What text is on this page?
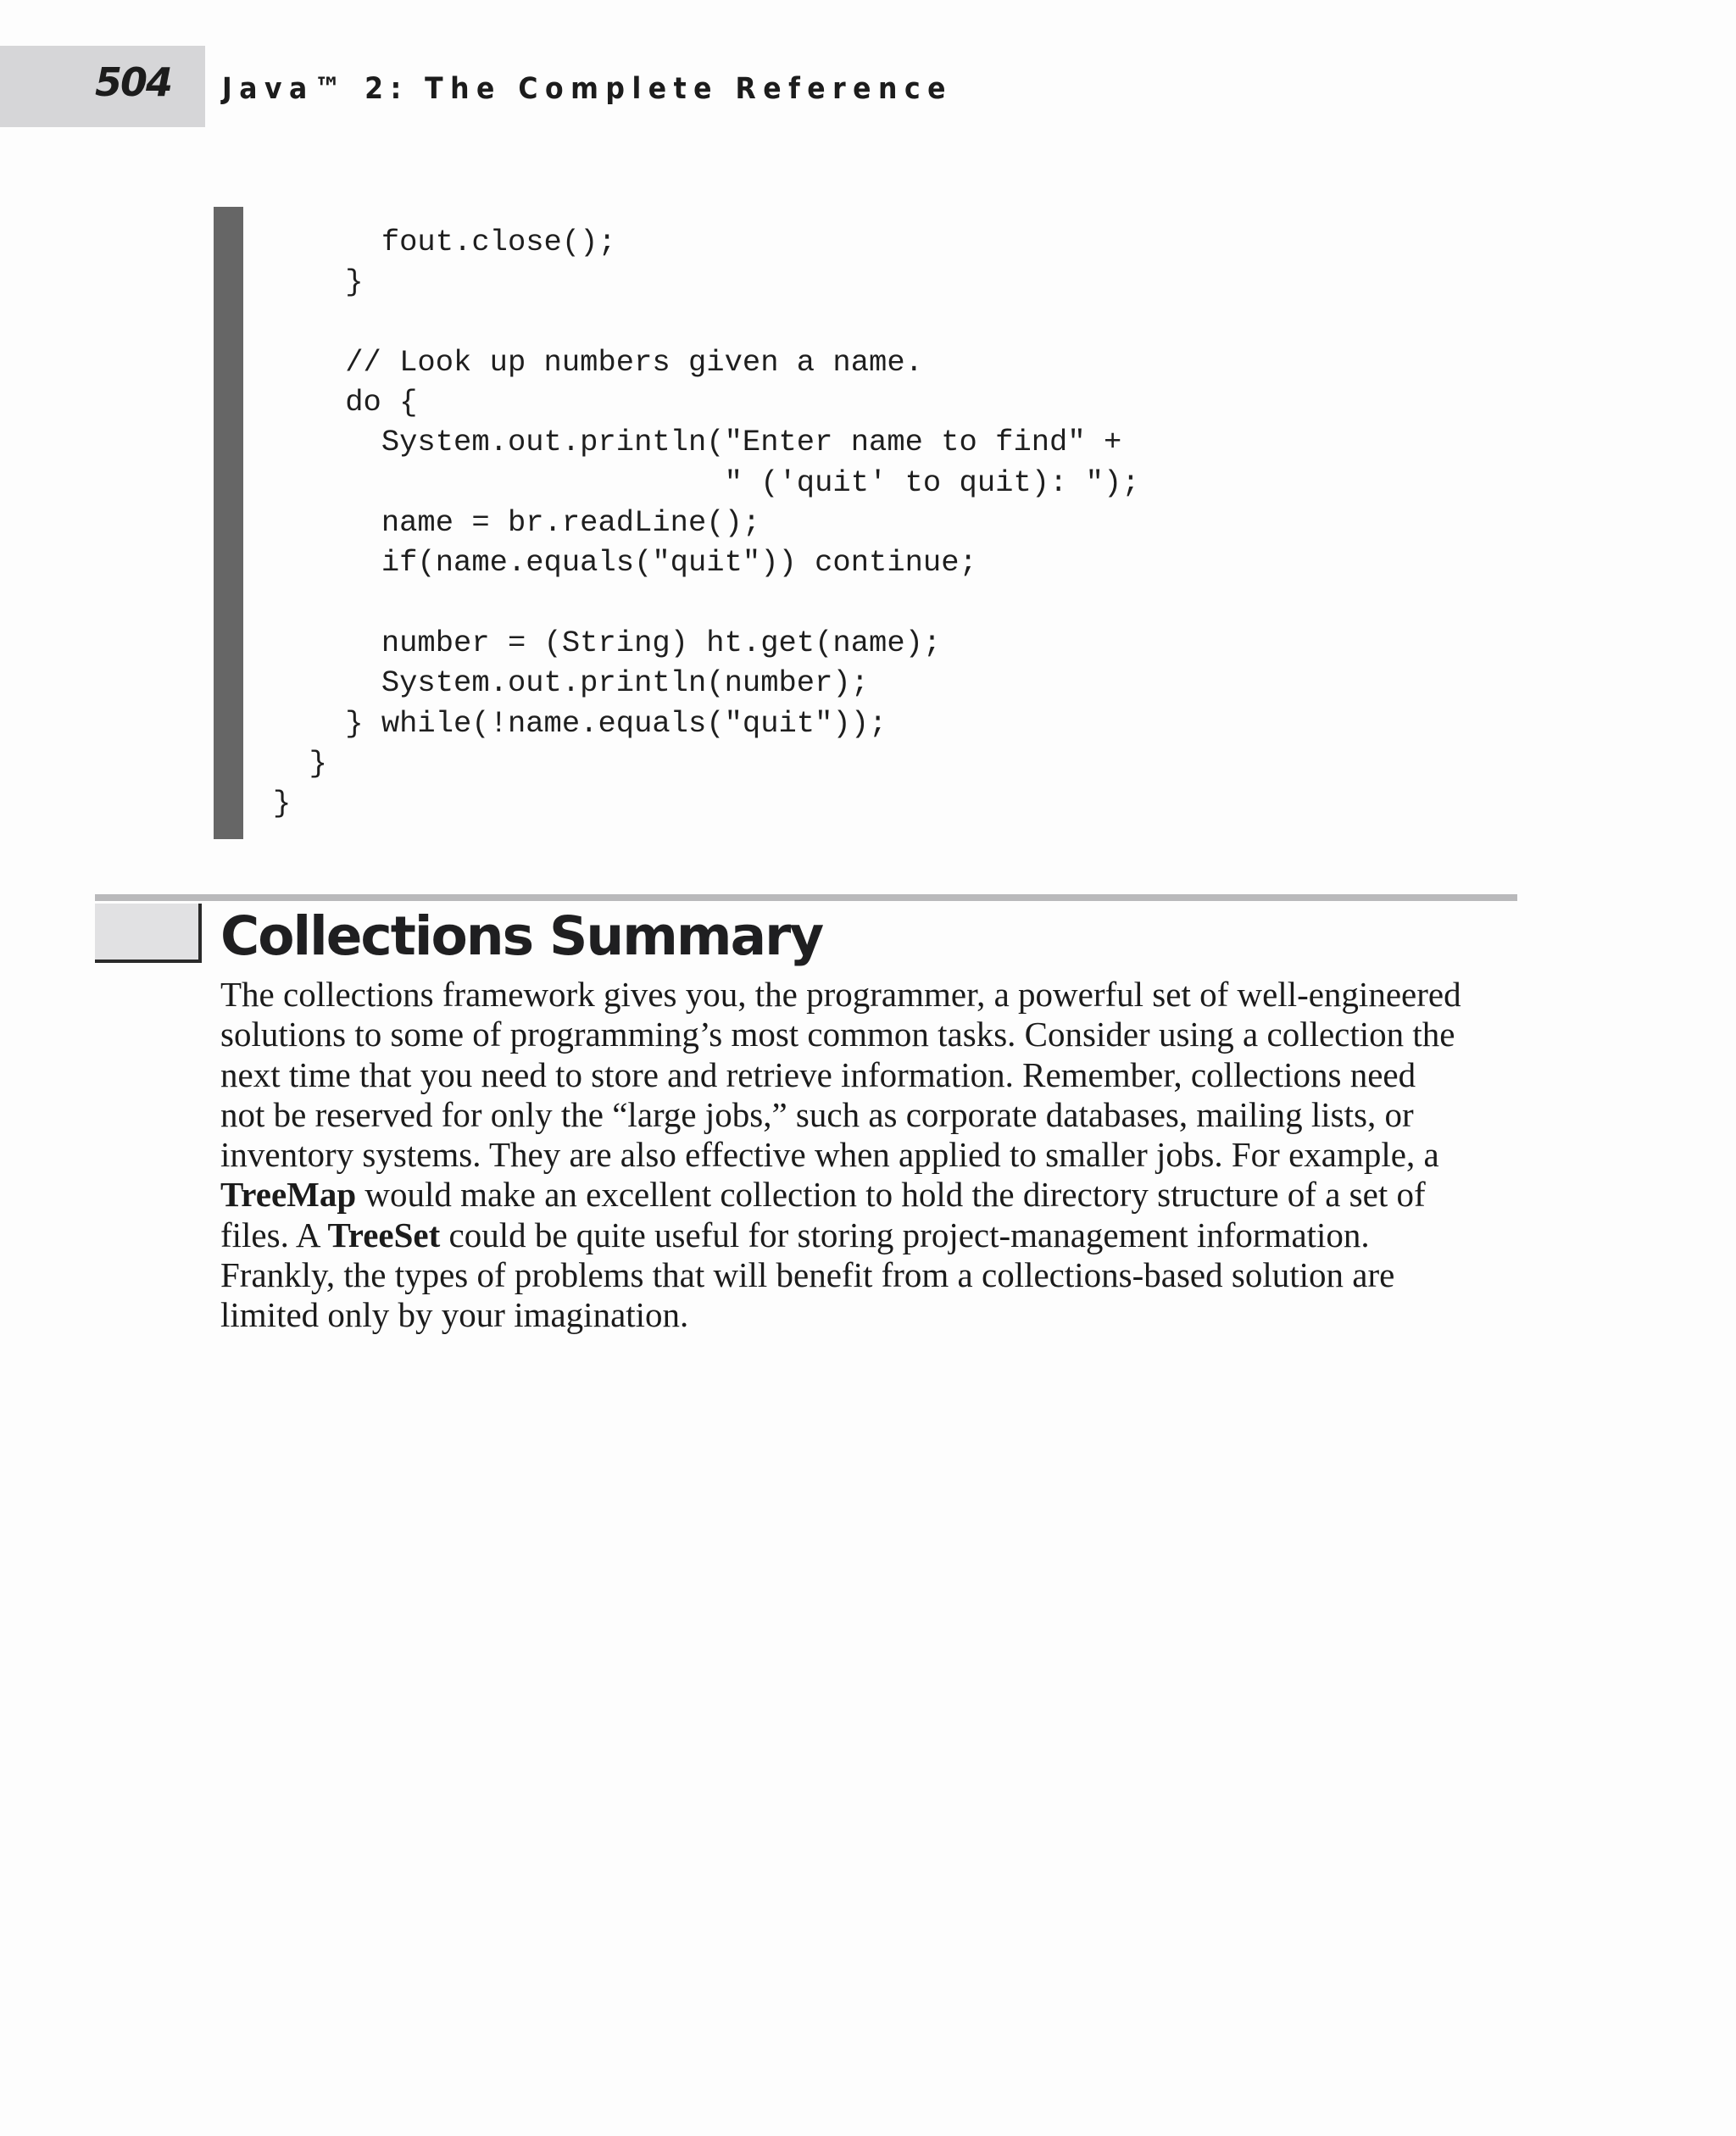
504 Java™ 2: The Complete Reference
fout.close();
}

// Look up numbers given a name.
do {
System.out.println("Enter name to find" +
" ('quit' to quit): ");
name = br.readLine();
if(name.equals("quit")) continue;

number = (String) ht.get(name);
System.out.println(number);
} while(!name.equals("quit"));
}
}
Collections Summary
The collections framework gives you, the programmer, a powerful set of well-engineered
solutions to some of programming’s most common tasks. Consider using a collection the
next time that you need to store and retrieve information. Remember, collections need
not be reserved for only the “large jobs,” such as corporate databases, mailing lists, or
inventory systems. They are also effective when applied to smaller jobs. For example, a
TreeMap would make an excellent collection to hold the directory structure of a set of
files. A TreeSet could be quite useful for storing project-management information.
Frankly, the types of problems that will benefit from a collections-based solution are
limited only by your imagination.
